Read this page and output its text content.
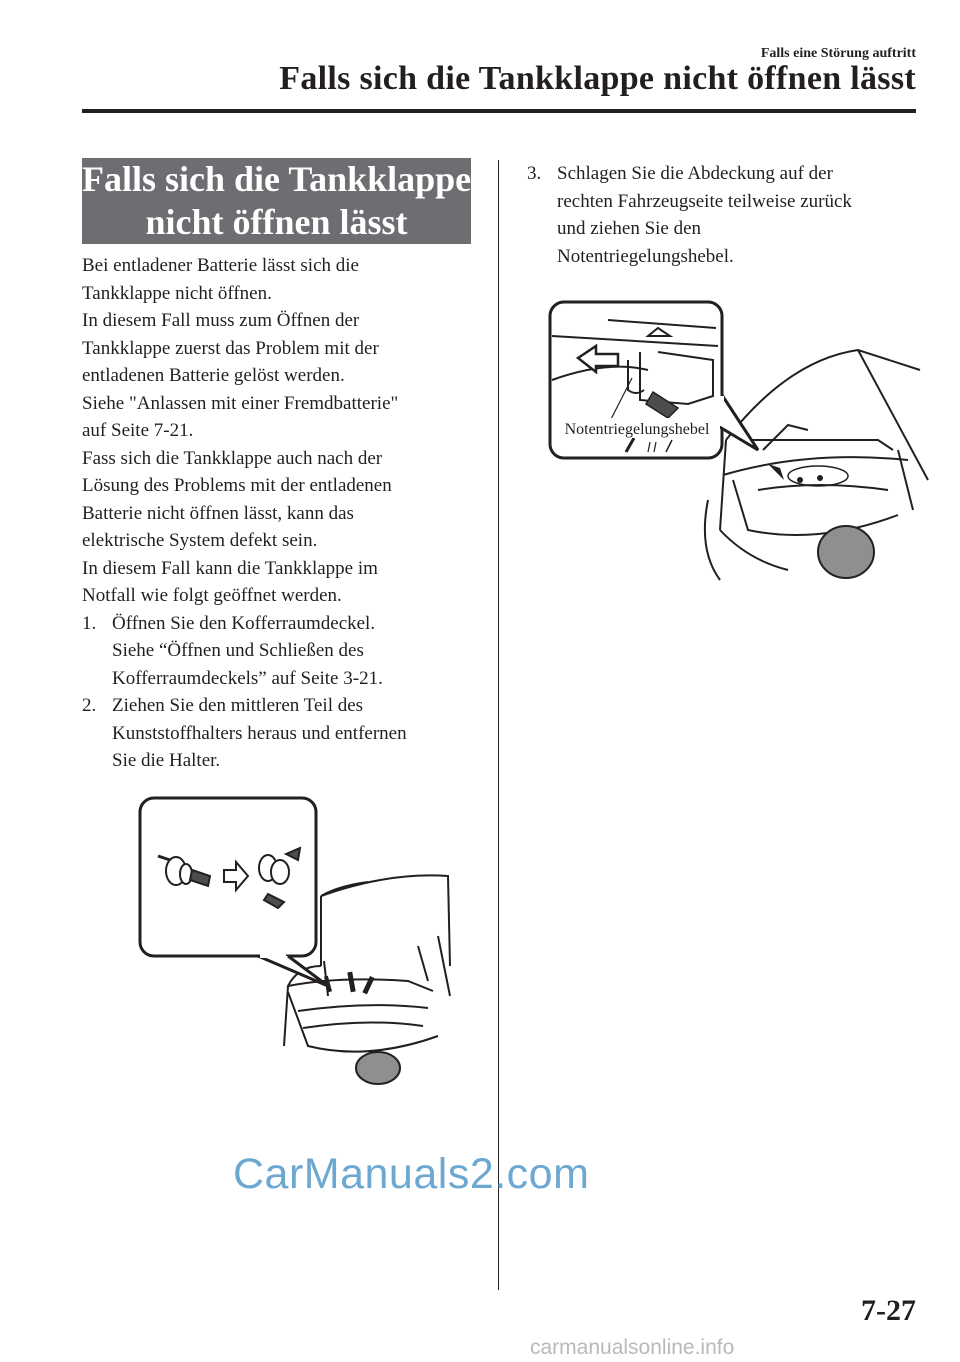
Falls eine Störung auftritt
Falls sich die Tankklappe nicht öffnen lässt
Falls sich die Tankklappe
nicht öffnen lässt

Bei entladener Batterie lässt sich die

Tankklappe nicht öffnen.

In diesem Fall muss zum Öffnen der

Tankklappe zuerst das Problem mit der

entladenen Batterie gelöst werden.

Siehe "Anlassen mit einer Fremdbatterie"

auf Seite 7-21.

Fass sich die Tankklappe auch nach der

Lösung des Problems mit der entladenen

Batterie nicht öffnen lässt, kann das

elektrische System defekt sein.

In diesem Fall kann die Tankklappe im

Notfall wie folgt geöffnet werden.

1. Öffnen Sie den Kofferraumdeckel.
Siehe “Öffnen und Schließen des
Kofferraumdeckels” auf Seite 3-21.
2. Ziehen Sie den mittleren Teil des
Kunststoffhalters heraus und entfernen
Sie die Halter.
3. Schlagen Sie die Abdeckung auf der
rechten Fahrzeugseite teilweise zurück
und ziehen Sie den
Notentriegelungshebel.
Notentriegelungshebel
7-27
CarManuals2.com
carmanualsonline.info
